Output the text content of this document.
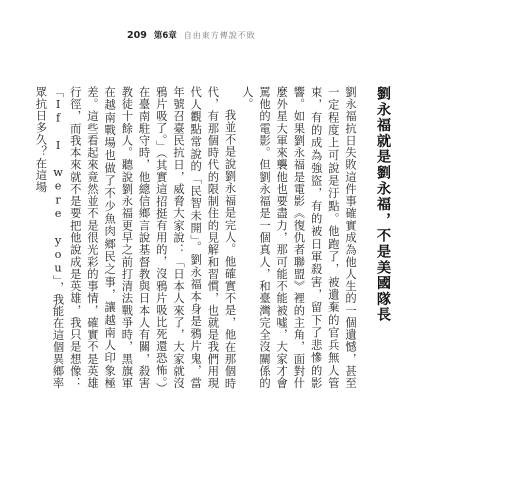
209 第6章 自由東方傳說不敗
劉永福就是劉永福，不是美國隊長

劉永福抗日失敗這件事確實成為他人生的一個遺憾，甚至一定程度上可說是汙點。他跑了，被遺棄的官兵無人管束，有的成為強盜，有的被日軍殺害，留下了悲慘的影響。如果劉永福是電影《復仇者聯盟》裡的主角，面對什麼外星大軍來襲他也要盡力，那可能不能被噓，大家才會罵他的電影。但劉永福是一個真人，和臺灣完全沒關係的人。

我並不是說劉永福是完人。他確實不是，他在那個時代，有那個時代的限制住的見解和習慣，也就是我們用現代人觀點常說的「民智未開」。劉永福本身是鴉片鬼，當年號召臺民抗日，威脅大家說：「日本人來了，大家就沒鴉片吸了。」（其實這招挺有用的，沒鴉片吸比死還恐怖。）在臺南駐守時，他總信鄉言說基督教與日本人有關，殺害教徒十餘人。聽說劉永福更早之前打清法戰爭時，黑旗軍在越南戰場也做了不少魚肉鄉民之事，讓越南人印象極差。這些看起來竟然並不是很光彩的事情，確實不是英雄行徑，而我本來就不是要把他說成是英雄，我只是想像：「If I were you」，我能在這個異鄉率眾抗日多久？在這場
